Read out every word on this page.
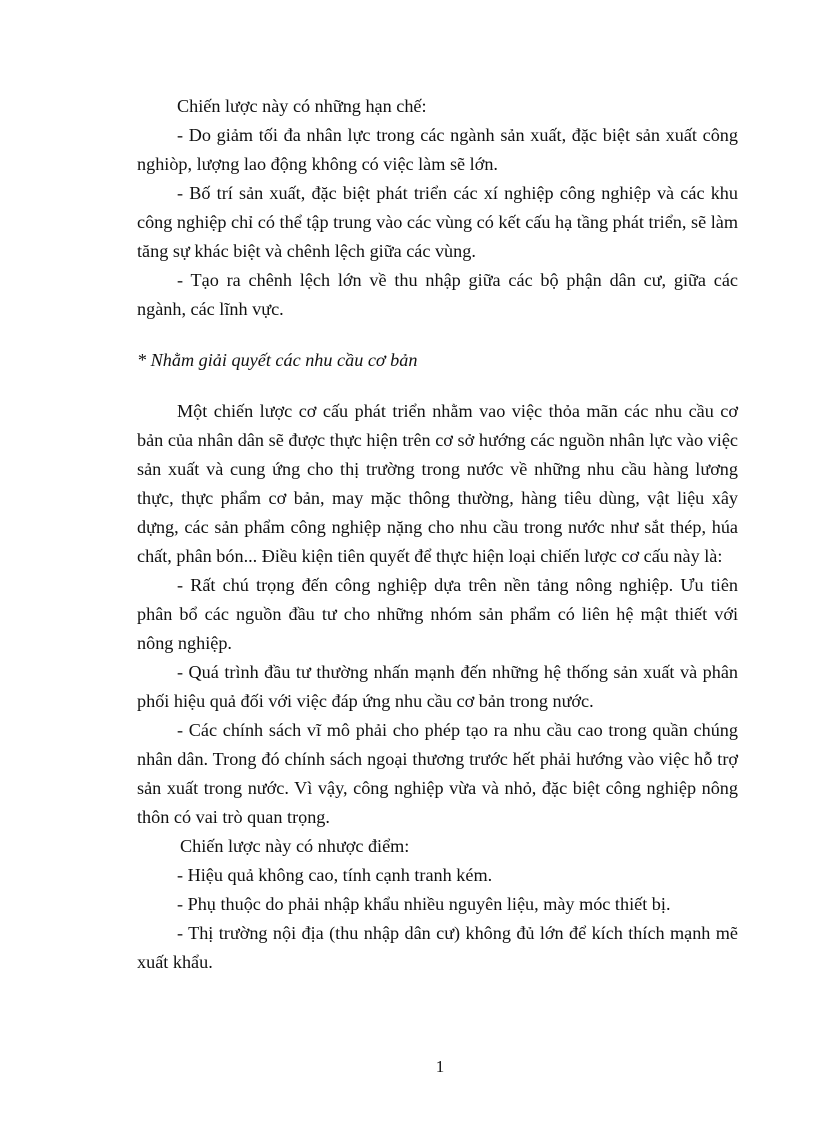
Chiến lược này có những hạn chế:

- Do giảm tối đa nhân lực trong các ngành sản xuất, đặc biệt sản xuất công nghiòp, lượng lao động không có việc làm sẽ lớn.

- Bố trí sản xuất, đặc biệt phát triển các xí nghiệp công nghiệp và các khu công nghiệp chỉ có thể tập trung vào các vùng có kết cấu hạ tầng phát triển, sẽ làm tăng sự khác biệt và chênh lệch giữa các vùng.

- Tạo ra chênh lệch lớn về thu nhập giữa các bộ phận dân cư, giữa các ngành, các lĩnh vực.

* Nhằm giải quyết các nhu cầu cơ bản

Một chiến lược cơ cấu phát triển nhằm vao việc thỏa mãn các nhu cầu cơ bản của nhân dân sẽ được thực hiện trên cơ sở hướng các nguồn nhân lực vào việc sản xuất và cung ứng cho thị trường trong nước về những nhu cầu hàng lương thực, thực phẩm cơ bản, may mặc thông thường, hàng tiêu dùng, vật liệu xây dựng, các sản phẩm công nghiệp nặng cho nhu cầu trong nước như sắt thép, húa chất, phân bón... Điều kiện tiên quyết để thực hiện loại chiến lược cơ cấu này là:

- Rất chú trọng đến công nghiệp dựa trên nền tảng nông nghiệp. Ưu tiên phân bổ các nguồn đầu tư cho những nhóm sản phẩm có liên hệ mật thiết với nông nghiệp.

- Quá trình đầu tư thường nhấn mạnh đến những hệ thống sản xuất và phân phối hiệu quả đối với việc đáp ứng nhu cầu cơ bản trong nước.

- Các chính sách vĩ mô phải cho phép tạo ra nhu cầu cao trong quần chúng nhân dân. Trong đó chính sách ngoại thương trước hết phải hướng vào việc hỗ trợ sản xuất trong nước. Vì vậy, công nghiệp vừa và nhỏ, đặc biệt công nghiệp nông thôn có vai trò quan trọng.

Chiến lược này có nhược điểm:

- Hiệu quả không cao, tính cạnh tranh kém.

- Phụ thuộc do phải nhập khẩu nhiều nguyên liệu, mày móc thiết bị.

- Thị trường nội địa (thu nhập dân cư) không đủ lớn để kích thích mạnh mẽ xuất khẩu.

1
